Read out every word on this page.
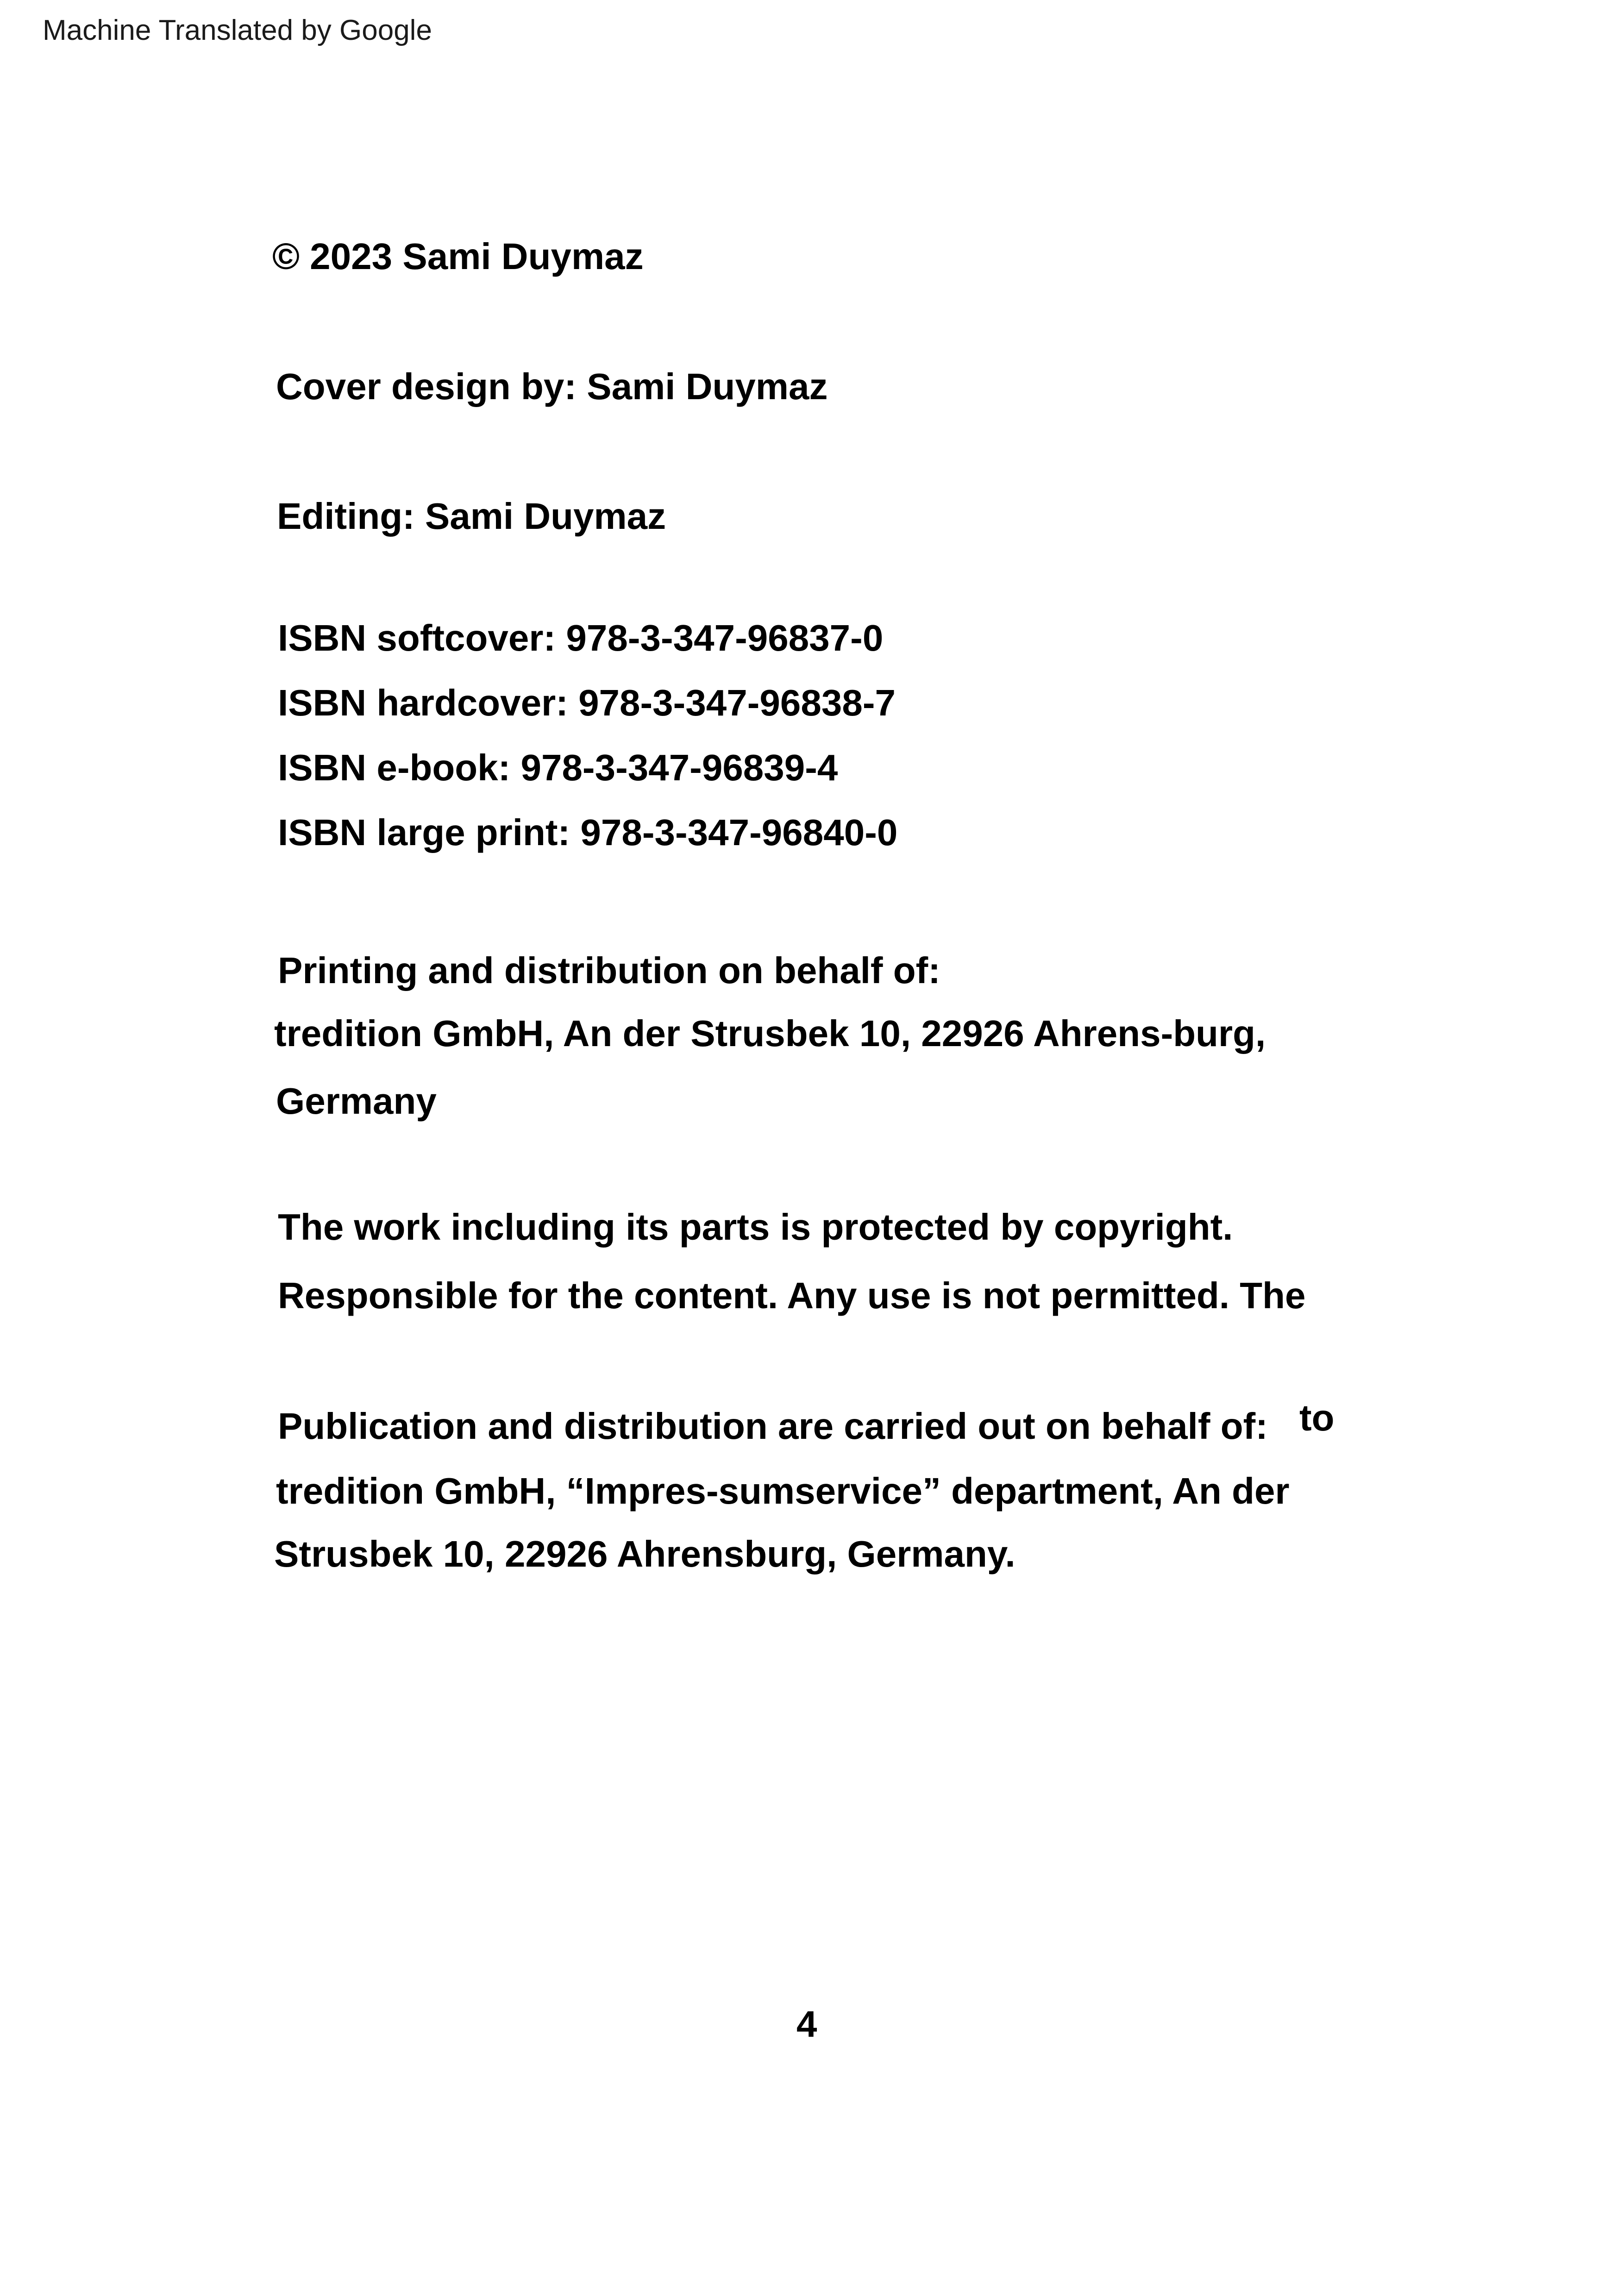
Machine Translated by Google
© 2023 Sami Duymaz
Cover design by: Sami Duymaz
Editing: Sami Duymaz
ISBN softcover: 978-3-347-96837-0
ISBN hardcover: 978-3-347-96838-7
ISBN e-book: 978-3-347-96839-4
ISBN large print: 978-3-347-96840-0
Printing and distribution on behalf of:
tredition GmbH, An der Strusbek 10, 22926 Ahrens-burg,
Germany
The work including its parts is protected by copyright.
Responsible for the content. Any use is not permitted. The
Publication and distribution are carried out on behalf of: to
tredition GmbH, “Impres-sumservice” department, An der
Strusbek 10, 22926 Ahrensburg, Germany.
4
